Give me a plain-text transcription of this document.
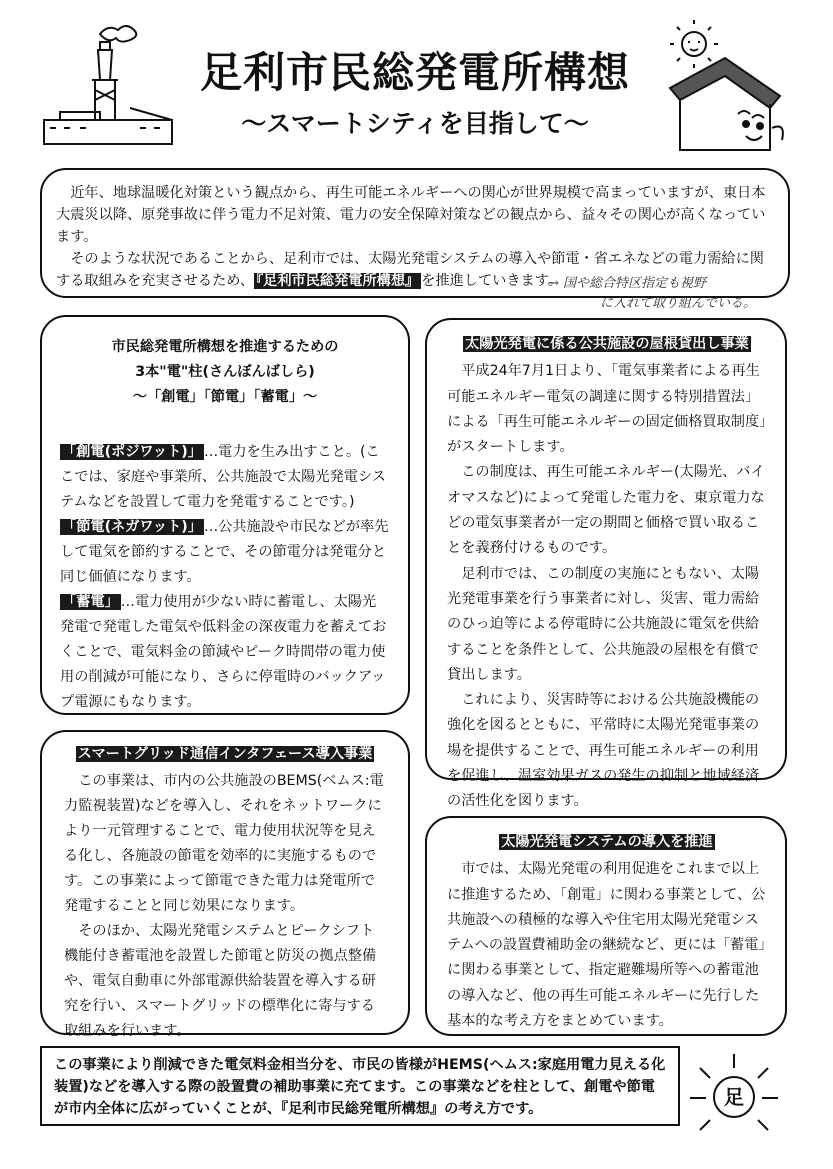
足利市民総発電所構想
〜スマートシティを目指して〜

近年、地球温暖化対策という観点から、再生可能エネルギーへの関心が世界規模で高まっていますが、東日本大震災以降、原発事故に伴う電力不足対策、電力の安全保障対策などの観点から、益々その関心が高くなっています。

そのような状況であることから、足利市では、太陽光発電システムの導入や節電・省エネなどの電力需給に関する取組みを充実させるため、 『足利市民総発電所構想』 を推進していきます。

→ 国や総合特区指定も視野
に入れて取り組んでいる。
市民総発電所構想を推進するための
3本"電"柱(さんぼんばしら)
〜「創電」「節電」「蓄電」〜

「創電(ポジワット)」 …電力を生み出すこと。(ここでは、家庭や事業所、公共施設で太陽光発電システムなどを設置して電力を発電することです。)

「節電(ネガワット)」 …公共施設や市民などが率先して電気を節約することで、その節電分は発電分と同じ価値になります。

「蓄電」 …電力使用が少ない時に蓄電し、太陽光発電で発電した電気や低料金の深夜電力を蓄えておくことで、電気料金の節減やピーク時間帯の電力使用の削減が可能になり、さらに停電時のバックアップ電源にもなります。

スマートグリッド通信インタフェース導入事業

この事業は、市内の公共施設のBEMS(ベムス:電力監視装置)などを導入し、それをネットワークにより一元管理することで、電力使用状況等を見える化し、各施設の節電を効率的に実施するものです。この事業によって節電できた電力は発電所で発電することと同じ効果になります。

そのほか、太陽光発電システムとピークシフト機能付き蓄電池を設置した節電と防災の拠点整備や、電気自動車に外部電源供給装置を導入する研究を行い、スマートグリッドの標準化に寄与する取組みを行います。

太陽光発電に係る公共施設の屋根貸出し事業

平成24年7月1日より、「電気事業者による再生可能エネルギー電気の調達に関する特別措置法」による「再生可能エネルギーの固定価格買取制度」がスタートします。

この制度は、再生可能エネルギー(太陽光、バイオマスなど)によって発電した電力を、東京電力などの電気事業者が一定の期間と価格で買い取ることを義務付けるものです。

足利市では、この制度の実施にともない、太陽光発電事業を行う事業者に対し、災害、電力需給のひっ迫等による停電時に公共施設に電気を供給することを条件として、公共施設の屋根を有償で貸出します。

これにより、災害時等における公共施設機能の強化を図るとともに、平常時に太陽光発電事業の場を提供することで、再生可能エネルギーの利用を促進し、温室効果ガスの発生の抑制と地域経済の活性化を図ります。

太陽光発電システムの導入を推進

市では、太陽光発電の利用促進をこれまで以上に推進するため、「創電」に関わる事業として、公共施設への積極的な導入や住宅用太陽光発電システムへの設置費補助金の継続など、更には「蓄電」に関わる事業として、指定避難場所等への蓄電池の導入など、他の再生可能エネルギーに先行した基本的な考え方をまとめています。

この事業により削減できた電気料金相当分を、市民の皆様がHEMS(ヘムス:家庭用電力見える化装置)などを導入する際の設置費の補助事業に充てます。この事業などを柱として、創電や節電が市内全体に広がっていくことが、『足利市民総発電所構想』の考え方です。	足
